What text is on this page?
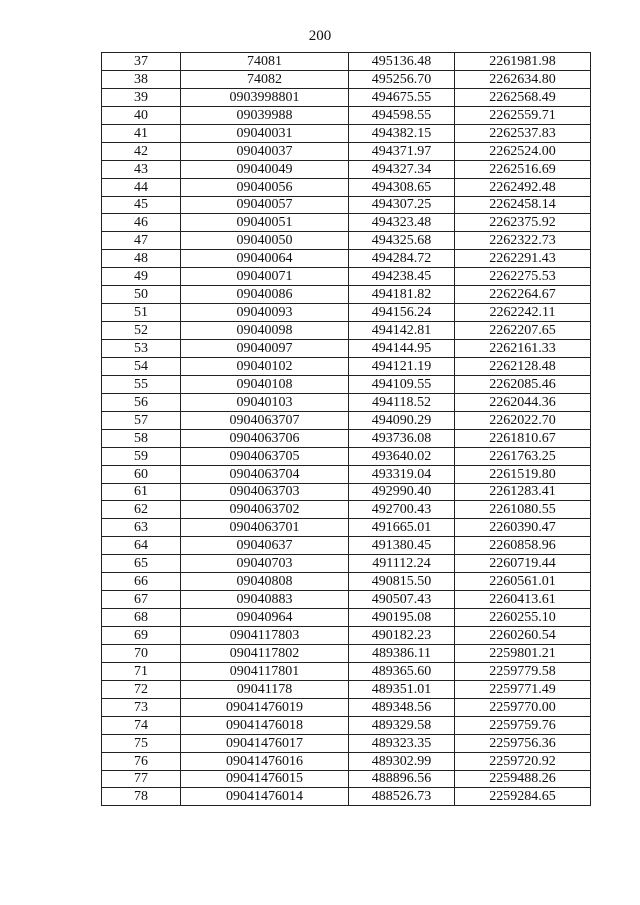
200
37	74081	495136.48	2261981.98
38	74082	495256.70	2262634.80
39	0903998801	494675.55	2262568.49
40	09039988	494598.55	2262559.71
41	09040031	494382.15	2262537.83
42	09040037	494371.97	2262524.00
43	09040049	494327.34	2262516.69
44	09040056	494308.65	2262492.48
45	09040057	494307.25	2262458.14
46	09040051	494323.48	2262375.92
47	09040050	494325.68	2262322.73
48	09040064	494284.72	2262291.43
49	09040071	494238.45	2262275.53
50	09040086	494181.82	2262264.67
51	09040093	494156.24	2262242.11
52	09040098	494142.81	2262207.65
53	09040097	494144.95	2262161.33
54	09040102	494121.19	2262128.48
55	09040108	494109.55	2262085.46
56	09040103	494118.52	2262044.36
57	0904063707	494090.29	2262022.70
58	0904063706	493736.08	2261810.67
59	0904063705	493640.02	2261763.25
60	0904063704	493319.04	2261519.80
61	0904063703	492990.40	2261283.41
62	0904063702	492700.43	2261080.55
63	0904063701	491665.01	2260390.47
64	09040637	491380.45	2260858.96
65	09040703	491112.24	2260719.44
66	09040808	490815.50	2260561.01
67	09040883	490507.43	2260413.61
68	09040964	490195.08	2260255.10
69	0904117803	490182.23	2260260.54
70	0904117802	489386.11	2259801.21
71	0904117801	489365.60	2259779.58
72	09041178	489351.01	2259771.49
73	09041476019	489348.56	2259770.00
74	09041476018	489329.58	2259759.76
75	09041476017	489323.35	2259756.36
76	09041476016	489302.99	2259720.92
77	09041476015	488896.56	2259488.26
78	09041476014	488526.73	2259284.65
